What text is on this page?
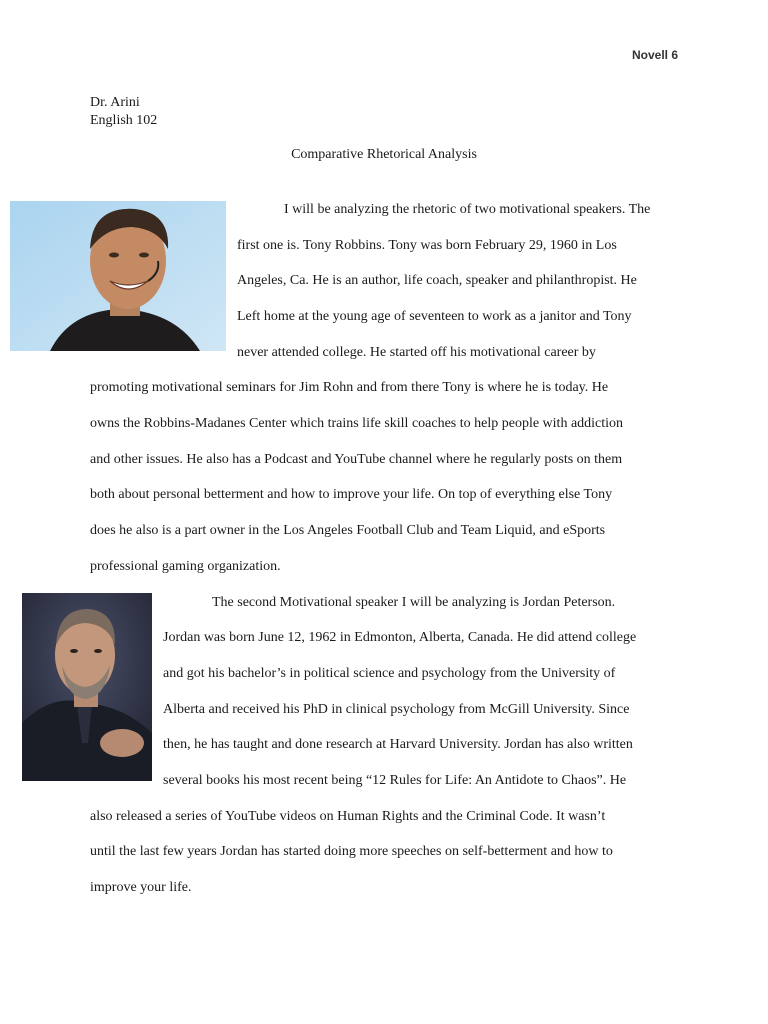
Novell 6
Dr. Arini
English 102
Comparative Rhetorical Analysis
I will be analyzing the rhetoric of two motivational speakers. The
first one is. Tony Robbins. Tony was born February 29, 1960 in Los
Angeles, Ca. He is an author, life coach, speaker and philanthropist. He
Left home at the young age of seventeen to work as a janitor and Tony
never attended college. He started off his motivational career by
promoting motivational seminars for Jim Rohn and from there Tony is where he is today. He
owns the Robbins-Madanes Center which trains life skill coaches to help people with addiction
and other issues. He also has a Podcast and YouTube channel where he regularly posts on them
both about personal betterment and how to improve your life. On top of everything else Tony
does he also is a part owner in the Los Angeles Football Club and Team Liquid, and eSports
professional gaming organization.
The second Motivational speaker I will be analyzing is Jordan Peterson.
Jordan was born June 12, 1962 in Edmonton, Alberta, Canada. He did attend college
and got his bachelor’s in political science and psychology from the University of
Alberta and received his PhD in clinical psychology from McGill University. Since
then, he has taught and done research at Harvard University. Jordan has also written
several books his most recent being “12 Rules for Life: An Antidote to Chaos”. He
also released a series of YouTube videos on Human Rights and the Criminal Code. It wasn’t
until the last few years Jordan has started doing more speeches on self-betterment and how to
improve your life.
